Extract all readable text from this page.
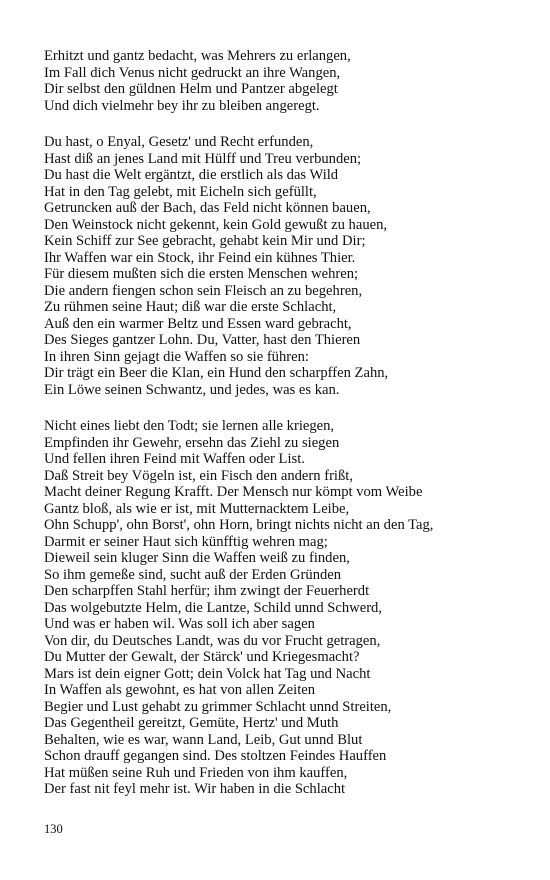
Erhitzt und gantz bedacht, was Mehrers zu erlangen,
Im Fall dich Venus nicht gedruckt an ihre Wangen,
Dir selbst den güldnen Helm und Pantzer abgelegt
Und dich vielmehr bey ihr zu bleiben angeregt.
Du hast, o Enyal, Gesetz' und Recht erfunden,
Hast diß an jenes Land mit Hülff und Treu verbunden;
Du hast die Welt ergäntzt, die erstlich als das Wild
Hat in den Tag gelebt, mit Eicheln sich gefüllt,
Getruncken auß der Bach, das Feld nicht können bauen,
Den Weinstock nicht gekennt, kein Gold gewußt zu hauen,
Kein Schiff zur See gebracht, gehabt kein Mir und Dir;
Ihr Waffen war ein Stock, ihr Feind ein kühnes Thier.
Für diesem mußten sich die ersten Menschen wehren;
Die andern fiengen schon sein Fleisch an zu begehren,
Zu rühmen seine Haut; diß war die erste Schlacht,
Auß den ein warmer Beltz und Essen ward gebracht,
Des Sieges gantzer Lohn. Du, Vatter, hast den Thieren
In ihren Sinn gejagt die Waffen so sie führen:
Dir trägt ein Beer die Klan, ein Hund den scharpffen Zahn,
Ein Löwe seinen Schwantz, und jedes, was es kan.
Nicht eines liebt den Todt; sie lernen alle kriegen,
Empfinden ihr Gewehr, ersehn das Ziehl zu siegen
Und fellen ihren Feind mit Waffen oder List.
Daß Streit bey Vögeln ist, ein Fisch den andern frißt,
Macht deiner Regung Krafft. Der Mensch nur kömpt vom Weibe
Gantz bloß, als wie er ist, mit Mutternacktem Leibe,
Ohn Schupp', ohn Borst', ohn Horn, bringt nichts nicht an den Tag,
Darmit er seiner Haut sich künfftig wehren mag;
Dieweil sein kluger Sinn die Waffen weiß zu finden,
So ihm gemeße sind, sucht auß der Erden Gründen
Den scharpffen Stahl herfür; ihm zwingt der Feuerherdt
Das wolgebutzte Helm, die Lantze, Schild unnd Schwerd,
Und was er haben wil. Was soll ich aber sagen
Von dir, du Deutsches Landt, was du vor Frucht getragen,
Du Mutter der Gewalt, der Stärck' und Kriegesmacht?
Mars ist dein eigner Gott; dein Volck hat Tag und Nacht
In Waffen als gewohnt, es hat von allen Zeiten
Begier und Lust gehabt zu grimmer Schlacht unnd Streiten,
Das Gegentheil gereitzt, Gemüte, Hertz' und Muth
Behalten, wie es war, wann Land, Leib, Gut unnd Blut
Schon drauff gegangen sind. Des stoltzen Feindes Hauffen
Hat müßen seine Ruh und Frieden von ihm kauffen,
Der fast nit feyl mehr ist. Wir haben in die Schlacht
130
